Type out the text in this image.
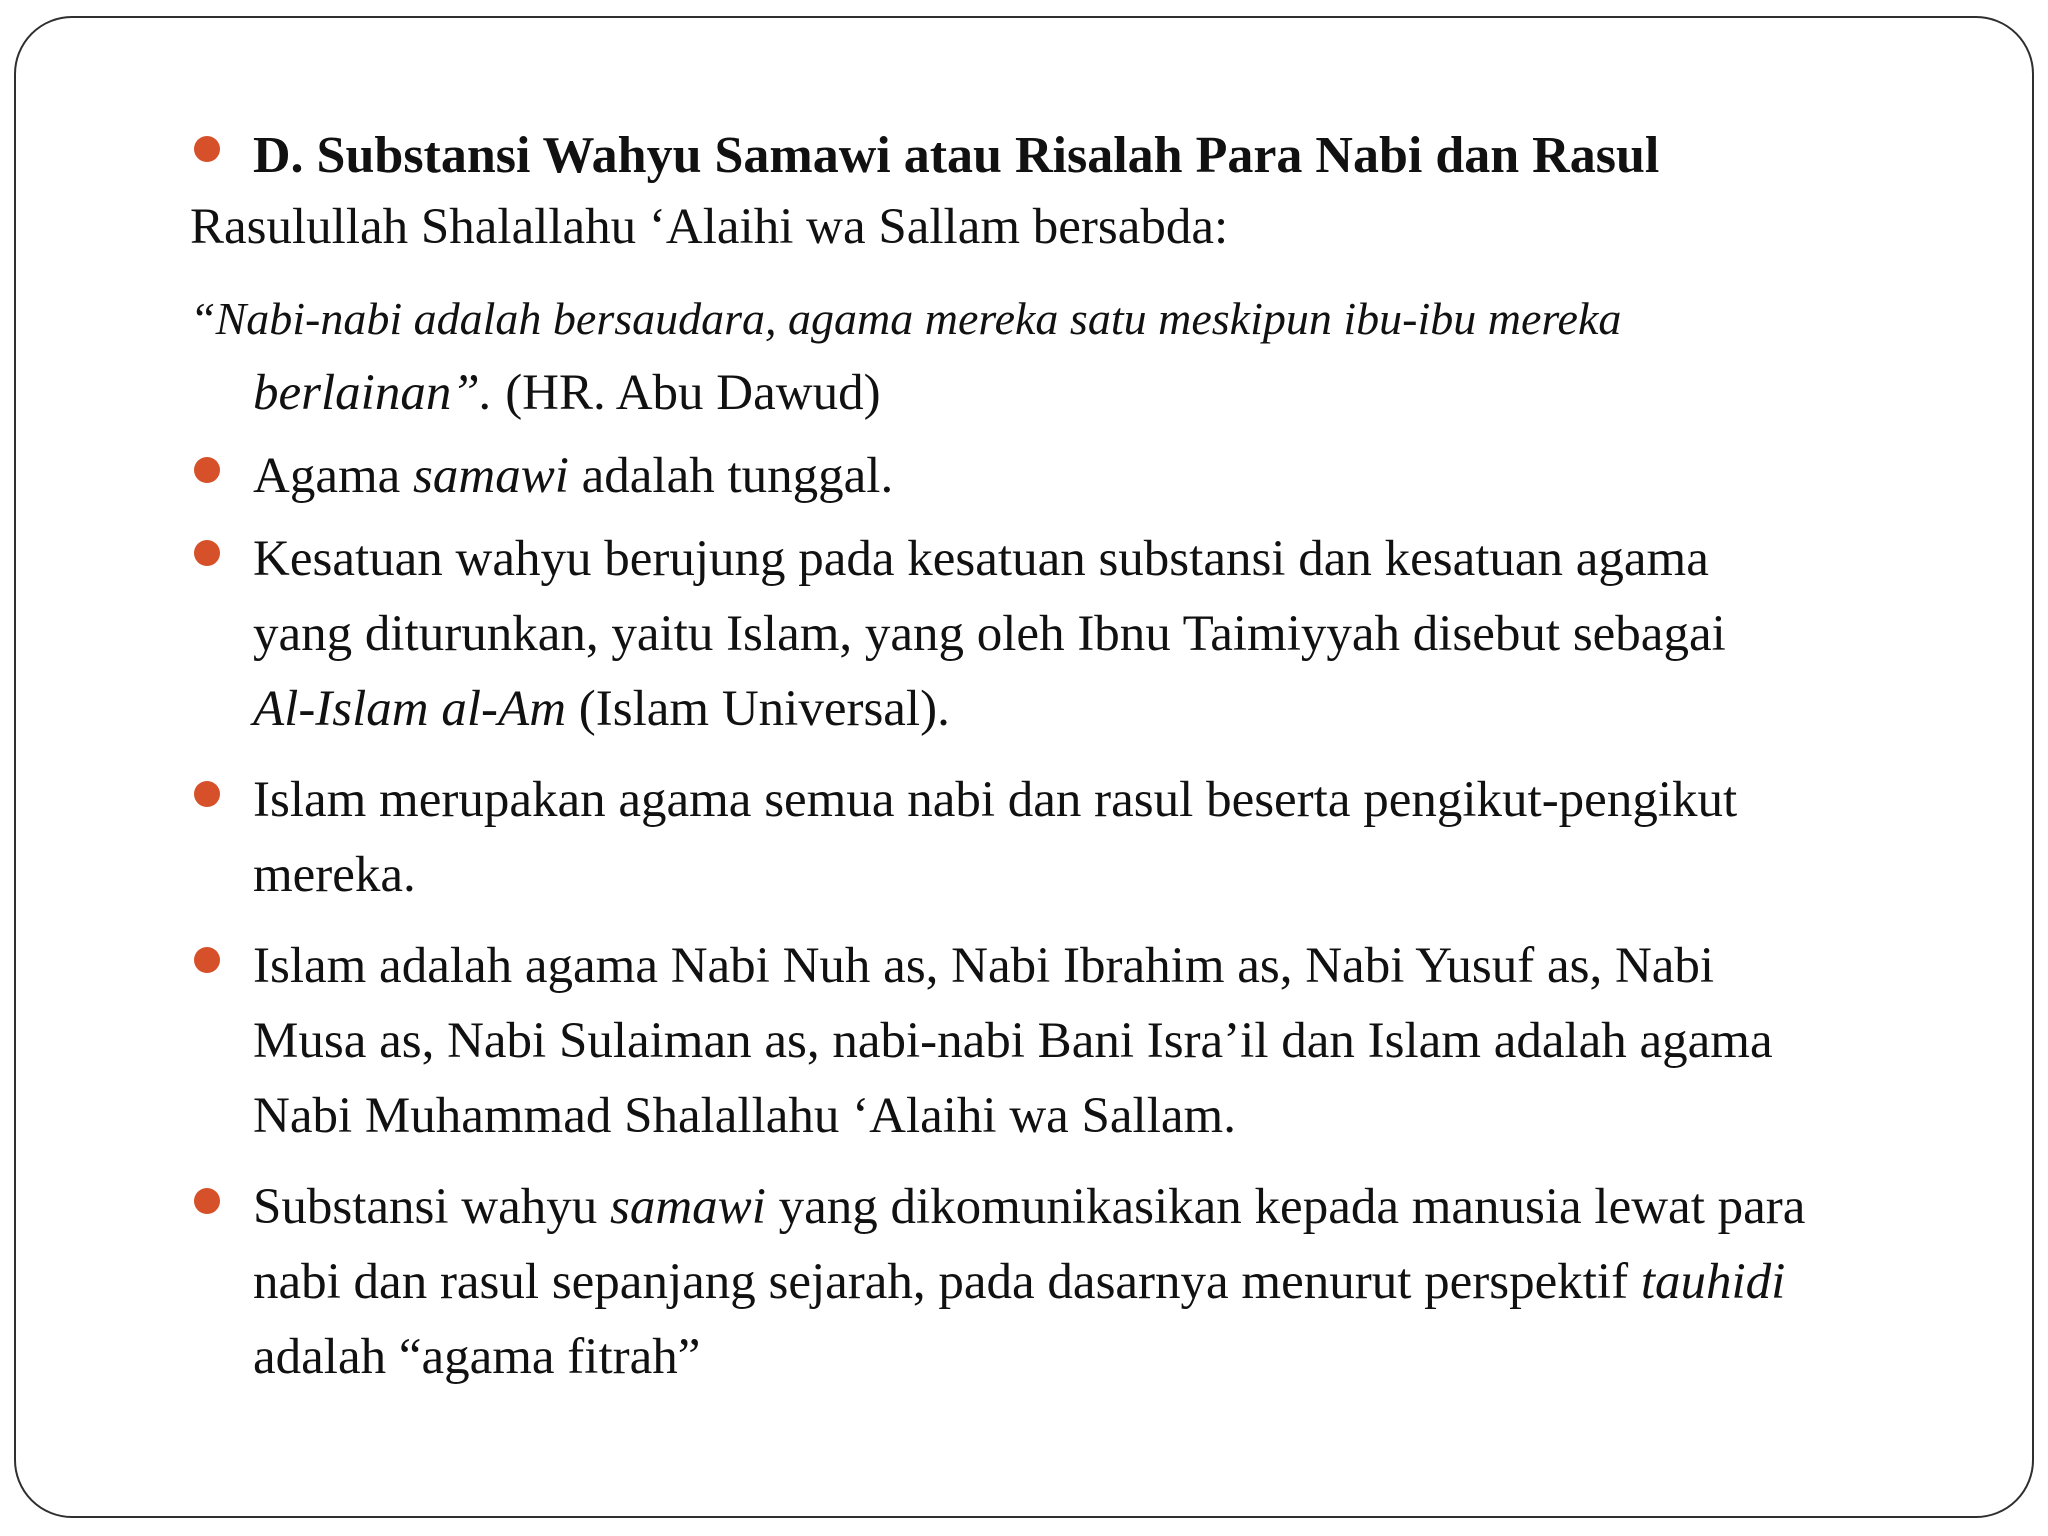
D. Substansi Wahyu Samawi atau Risalah Para Nabi dan Rasul
Rasulullah Shalallahu ‘Alaihi wa Sallam bersabda:
“Nabi-nabi adalah bersaudara, agama mereka satu meskipun ibu-ibu mereka
berlainan”. (HR. Abu Dawud)
Agama samawi adalah tunggal.
Kesatuan wahyu berujung pada kesatuan substansi dan kesatuan agama
yang diturunkan, yaitu Islam, yang oleh Ibnu Taimiyyah disebut sebagai
Al-Islam al-Am (Islam Universal).
Islam merupakan agama semua nabi dan rasul beserta pengikut-pengikut
mereka.
Islam adalah agama Nabi Nuh as, Nabi Ibrahim as, Nabi Yusuf as, Nabi
Musa as, Nabi Sulaiman as, nabi-nabi Bani Isra’il dan Islam adalah agama
Nabi Muhammad Shalallahu ‘Alaihi wa Sallam.
Substansi wahyu samawi yang dikomunikasikan kepada manusia lewat para
nabi dan rasul sepanjang sejarah, pada dasarnya menurut perspektif tauhidi
adalah “agama fitrah”
